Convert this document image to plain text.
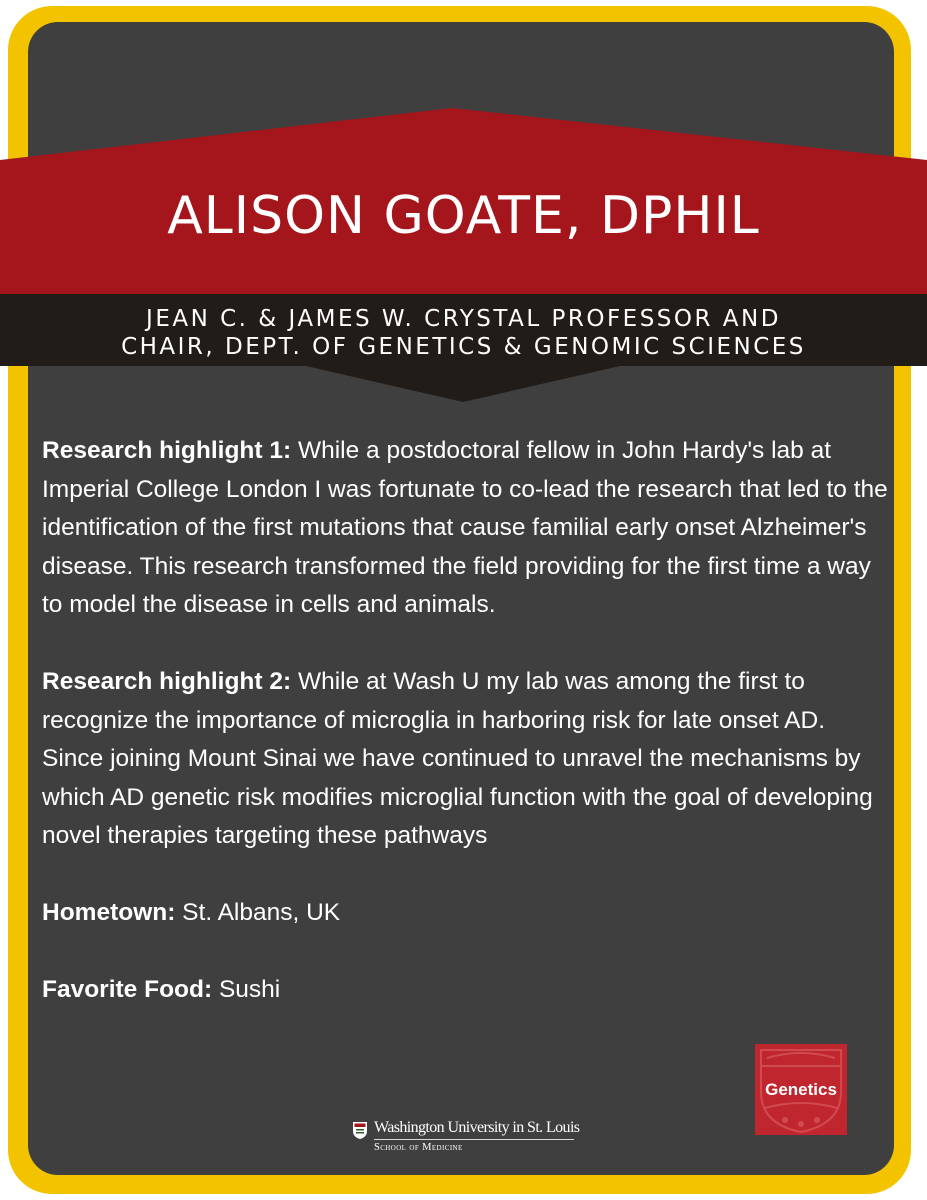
ALISON GOATE, DPHIL
JEAN C. & JAMES W. CRYSTAL PROFESSOR AND
CHAIR, DEPT. OF GENETICS & GENOMIC SCIENCES

Research highlight 1: While a postdoctoral fellow in John Hardy's lab at Imperial College London I was fortunate to co-lead the research that led to the identification of the first mutations that cause familial early onset Alzheimer's disease. This research transformed the field providing for the first time a way to model the disease in cells and animals.

Research highlight 2: While at Wash U my lab was among the first to recognize the importance of microglia in harboring risk for late onset AD. Since joining Mount Sinai we have continued to unravel the mechanisms by which AD genetic risk modifies microglial function with the goal of developing novel therapies targeting these pathways

Hometown: St. Albans, UK

Favorite Food: Sushi

Washington University in St. Louis
School of Medicine
Genetics
